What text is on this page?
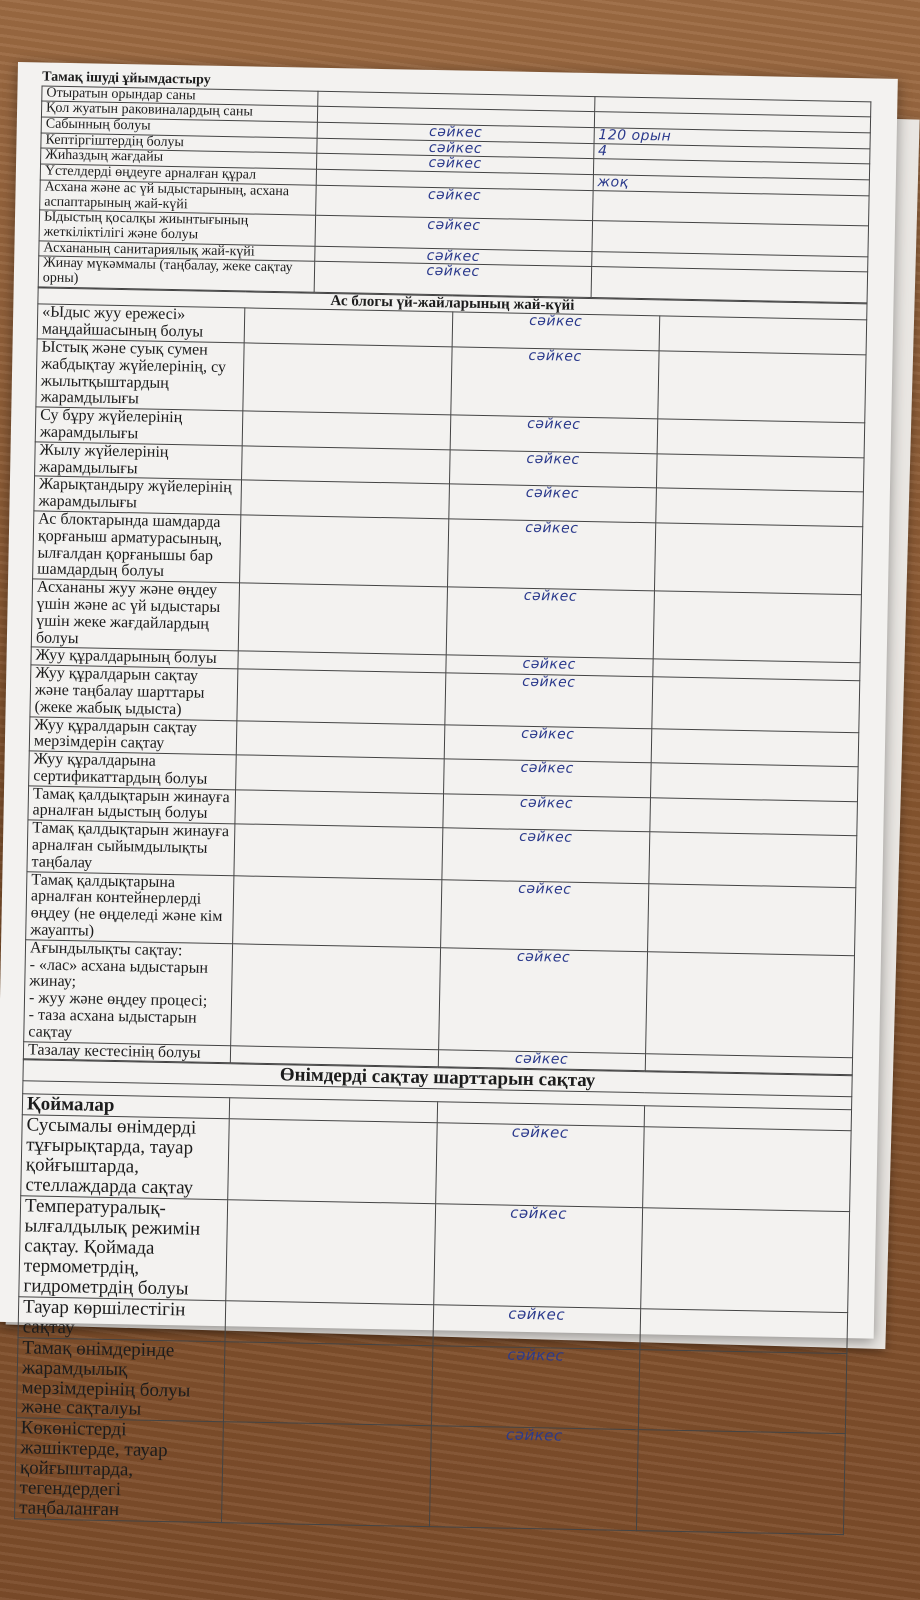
Тамақ ішуді ұйымдастыру		
Отыратын орындар саны		
Қол жуатын раковиналардың саны		
Сабынның болуы	сәйкес	120 орын
Кептіргіштердің болуы	сәйкес	4
Жиһаздың жағдайы	сәйкес	
Үстелдерді өңдеуге арналған құрал		жоқ
Асхана және ас үй ыдыстарының, асхана аспаптарының жай-күйі	сәйкес	
Ыдыстың қосалқы жиынтығының жеткіліктілігі және болуы	сәйкес	
Асхананың санитариялық жай-күйі	сәйкес	
Жинау мүкәммалы (таңбалау, жеке сақтау орны)	сәйкес	
Ас блогы үй-жайларының жай-күйі			
«Ыдыс жуу ережесі» маңдайшасының болуы		сәйкес	
Ыстық және суық сумен жабдықтау жүйелерінің, су жылытқыштардың жарамдылығы		сәйкес	
Су бұру жүйелерінің жарамдылығы		сәйкес	
Жылу жүйелерінің жарамдылығы		сәйкес	
Жарықтандыру жүйелерінің жарамдылығы		сәйкес	
Ас блоктарында шамдарда қорғаныш арматурасының, ылғалдан қорғанышы бар шамдардың болуы		сәйкес	
Асхананы жуу және өңдеу үшін және ас үй ыдыстары үшін жеке жағдайлардың болуы		сәйкес	
Жуу құралдарының болуы		сәйкес	
Жуу құралдарын сақтау және таңбалау шарттары (жеке жабық ыдыста)		сәйкес	
Жуу құралдарын сақтау мерзімдерін сақтау		сәйкес	
Жуу құралдарына сертификаттардың болуы		сәйкес	
Тамақ қалдықтарын жинауға арналған ыдыстың болуы		сәйкес	
Тамақ қалдықтарын жинауға арналған сыйымдылықты таңбалау		сәйкес	
Тамақ қалдықтарына арналған контейнерлерді өңдеу (не өңделеді және кім жауапты)		сәйкес	
Ағындылықты сақтау:
- «лас» асхана ыдыстарын жинау;
- жуу және өңдеу процесі;
- таза асхана ыдыстарын сақтау		сәйкес	
Тазалау кестесінің болуы		сәйкес	
Өнімдерді сақтау шарттарын сақтау			

Қоймалар			
Сусымалы өнімдерді тұғырықтарда, тауар қойғыштарда, стеллаждарда сақтау		сәйкес	
Температуралық-ылғалдылық режимін сақтау. Қоймада термометрдің, гидрометрдің болуы		сәйкес	
Тауар көршілестігін сақтау		сәйкес	
Тамақ өнімдерінде жарамдылық мерзімдерінің болуы және сақталуы		сәйкес	
Көкөністерді жәшіктерде, тауар қойғыштарда, тегендердегі таңбаланған		сәйкес	
